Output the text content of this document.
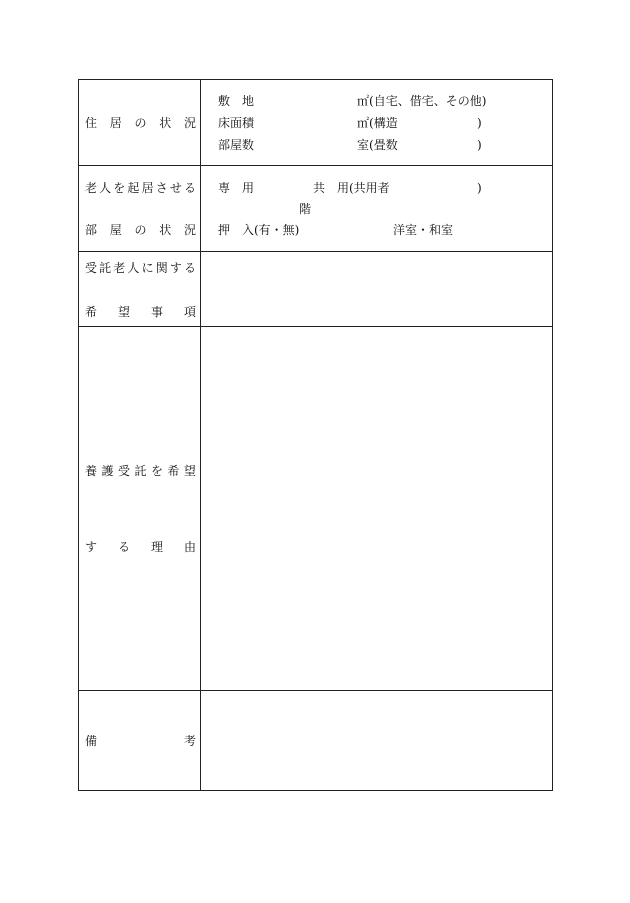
住 居 の 状 況
敷　地	㎡(自宅、借宅、その他)
床面積	㎡(構造	)
部屋数	室(畳数	)
老 人 を 起 居 さ せ る
部 屋 の 状 況
専　用	共　用(共用者	)
階
押　入(有・無)	洋室・和室
受 託 老 人 に 関 す る
希 望 事 項
養 護 受 託 を 希 望
す る 理 由
備	考
